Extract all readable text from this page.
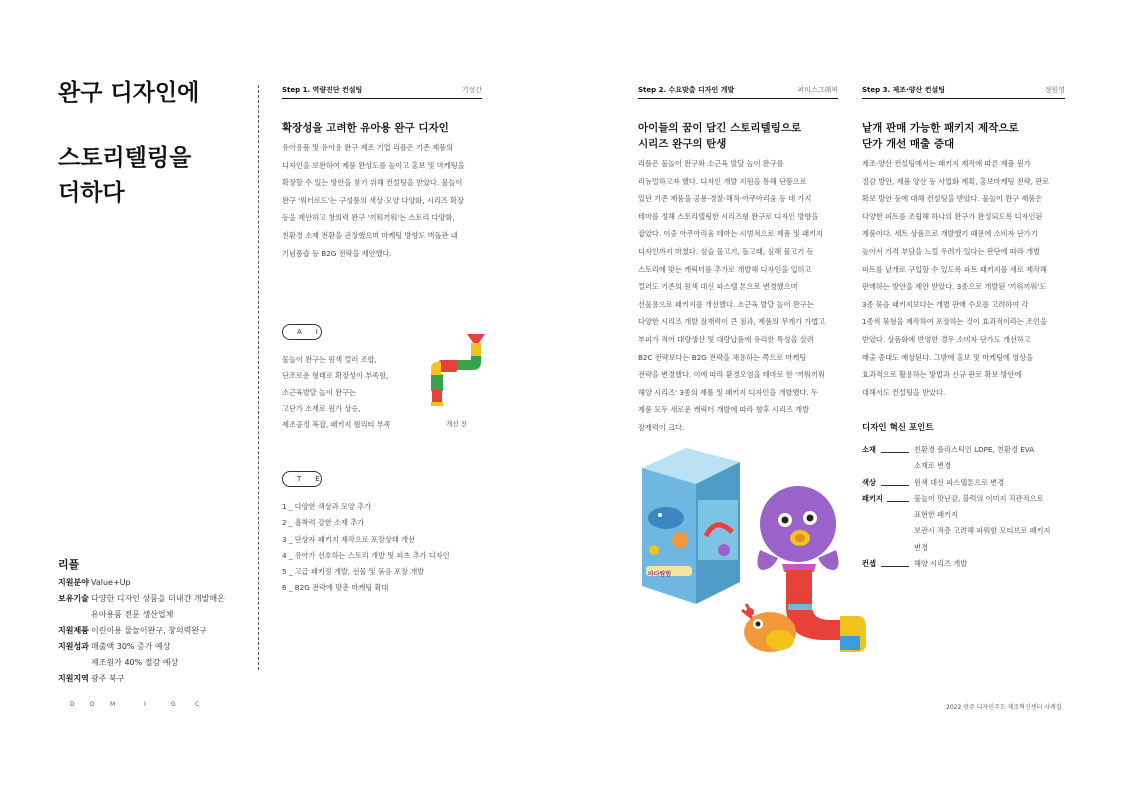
완구 디자인에
스토리텔링을
더하다
리플
지원분야 Value+Up
보유기술 다양한 디자인 상품을 더내갼 개발해온
유아용품 전문 생산업체
지원제품 이린이용 물놀이완구, 창의력완구
지원성과 매출액 30% 증가 예상
제조원가 40% 절감 예상
지원지역 광주 북구
D	D	M	I	G	C	2022 광주 디자인주도 제조혁신센터 사례집
Step 1. 역량진단 컨설팅	기성간
확장성을 고려한 유아용 완구 디자인
유아용품 및 유아용 완구 제조 기업 리플은 기존 제품의
디자인을 보완하여 제품 완성도를 높이고 홍보 및 마케팅을
확장할 수 있는 방안을 찾기 위해 컨설팅을 받았다. 물놀이
완구 '워터로드'는 구성품의 색상·모양 다양화, 시리즈 확장
등을 제안하고 창의력 완구 '끼워끼워'는 스토리 다양화,
친환경 소재 전환을 권장했으며 마케팅 방향도 벽돌관 내
기념품숍 등 B2G 전략을 제안했다.
AI
물놀이 완구는 원색 컬러 조합,
단조로운 형태로 확장성이 부족함,
소근육발달 놀이 완구는
고단가 소재로 원가 상승,
제조공정 복잡, 패키지 퀄리티 부족	개선 전
TE
1 _ 다양한 색상과 모양 추가
2 _ 흡착력 강한 소재 추가
3 _ 단상자 패키지 제작으로 포장상태 개선
4 _ 유아가 선호하는 스토리 개발 및 피츠 추가 디자인
5 _ 고급 패키징 개발, 선물 및 묶음 포장 개발
6 _ B2G 전략에 맞춘 마케팅 확대
Step 2. 수요맞춤 디자인 개발	퍼미스그래픽
아이들의 꿈이 담긴 스토리텔링으로
시리즈 완구의 탄생
리플은 물놀이 완구와 소근육 발달 놀이 완구를
리뉴얼하고자 했다. 디자인 개발 지원을 통해 단품으로
있던 기존 제품을 공룡·경찰·해적·아쿠아리움 등 네 가지
테마를 정해 스토리텔링한 시리즈형 완구로 디자인 방향을
잡았다. 이중 아쿠아리움 테마는 시범적으로 제품 및 패키지
디자인까지 마쳤다. 심슬 물고기, 돌고래, 심해 물고기 등
스토리에 맞는 캐릭터를 추가로 개발해 디자인을 입히고
컬러도 기존의 원색 대신 파스텔 톤으로 변경했으며
선물용으로 패키지를 개선했다. 소근육 발달 놀이 완구는
다양한 시리즈 개발 잠재력이 큰 점과, 제품의 무게가 가볍고
부피가 적어 대량생산 및 대량납품에 유리한 특성을 살려
B2C 전략보다는 B2G 전략을 채용하는 쪽으로 마케팅
전략을 변경했다. 이에 따라 환경오염을 테마로 한 '끼워끼워
해양 시리즈' 3종의 제품 및 패키지 디자인을 개발했다. 두
제품 모두 새로운 캐릭터 개발에 따라 향후 시리즈 개발
잠재력이 크다.
바다탐험
Step 3. 제조·양산 컨설팅	정원영
낱개 판매 가능한 패키지 제작으로
단가 개선 매출 증대
제조·양산 컨설팅에서는 패키지 제작에 따른 제품 원가
절감 방안, 제품 양산 등 사업화 계획, 홍보마케팅 전략, 판로
확보 방안 등에 대해 컨설팅을 받았다. 물놀이 완구 제품은
다양한 파트를 조립해 하나의 완구가 완성되도록 디자인된
제품이다. 세트 상품으로 개발했기 때문에 소비자 단가기
높아서 가격 부담을 느낄 우려가 있다는 판단에 따라 개별
파트를 낱개로 구입할 수 있도록 파트 패키지를 새로 제작해
판매하는 방안을 제안 받았다. 3종으로 개발된 '끼워끼워'도
3종 묶음 패키지보다는 개별 판매 수요를 고려하여 각
1종씩 묶형을 제작하여 포장하는 것이 효과적이라는 조언을
받았다. 상품화에 반영한 경우 소비자 단가도 개선하고
매출 증대도 예상된다. 그밖에 홍보 및 마케팅에 영상을
효과적으로 활용하는 방법과 신규 판로 확보 방안에
대해서도 컨설팅을 받았다.
디자인 혁신 포인트
소재	친환경 플라스틱인 LDPE, 친환경 EVA
소재로 변경
색상	원색 대신 파스텔톤으로 변경
패키지	물놀이 맛난감, 블럭의 이미지 직관적으로
표현한 패키지
보관시 적층 고려해 파워함 모티브로 패키지
변경
컨셉	해양 시리즈 개발
